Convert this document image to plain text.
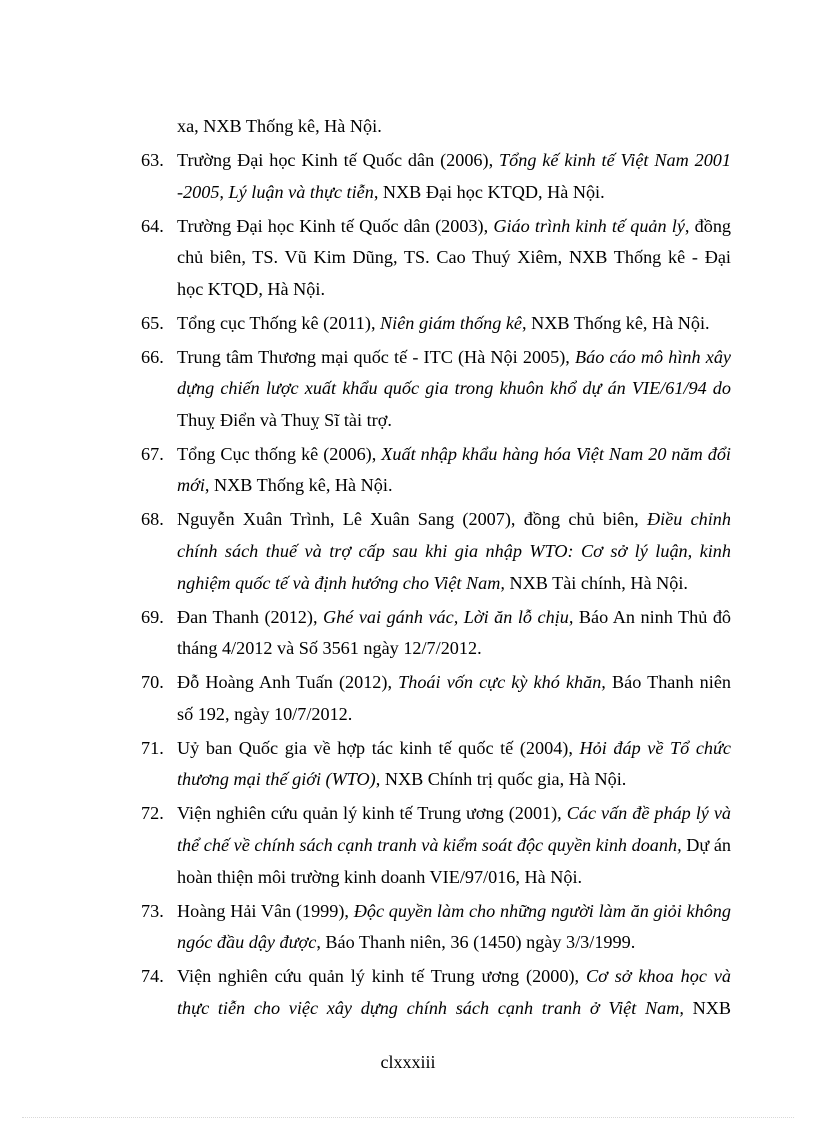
xa, NXB Thống kê, Hà Nội.
63. Trường Đại học Kinh tế Quốc dân (2006), Tổng kế kinh tế Việt Nam 2001 -2005, Lý luận và thực tiễn, NXB Đại học KTQD, Hà Nội.
64. Trường Đại học Kinh tế Quốc dân (2003), Giáo trình kinh tế quản lý, đồng chủ biên, TS. Vũ Kim Dũng, TS. Cao Thuý Xiêm, NXB Thống kê - Đại học KTQD, Hà Nội.
65. Tổng cục Thống kê (2011), Niên giám thống kê, NXB Thống kê, Hà Nội.
66. Trung tâm Thương mại quốc tế - ITC (Hà Nội 2005), Báo cáo mô hình xây dựng chiến lược xuất khẩu quốc gia trong khuôn khổ dự án VIE/61/94 do Thuỵ Điển và Thuỵ Sĩ tài trợ.
67. Tổng Cục thống kê (2006), Xuất nhập khẩu hàng hóa Việt Nam 20 năm đổi mới, NXB Thống kê, Hà Nội.
68. Nguyễn Xuân Trình, Lê Xuân Sang (2007), đồng chủ biên, Điều chỉnh chính sách thuế và trợ cấp sau khi gia nhập WTO: Cơ sở lý luận, kinh nghiệm quốc tế và định hướng cho Việt Nam, NXB Tài chính, Hà Nội.
69. Đan Thanh (2012), Ghé vai gánh vác, Lời ăn lỗ chịu, Báo An ninh Thủ đô tháng 4/2012 và Số 3561 ngày 12/7/2012.
70. Đỗ Hoàng Anh Tuấn (2012), Thoái vốn cực kỳ khó khăn, Báo Thanh niên số 192, ngày 10/7/2012.
71. Uỷ ban Quốc gia về hợp tác kinh tế quốc tế (2004), Hỏi đáp về Tổ chức thương mại thế giới (WTO), NXB Chính trị quốc gia, Hà Nội.
72. Viện nghiên cứu quản lý kinh tế Trung ương (2001), Các vấn đề pháp lý và thể chế về chính sách cạnh tranh và kiểm soát độc quyền kinh doanh, Dự án hoàn thiện môi trường kinh doanh VIE/97/016, Hà Nội.
73. Hoàng Hải Vân (1999), Độc quyền làm cho những người làm ăn giỏi không ngóc đầu dậy được, Báo Thanh niên, 36 (1450) ngày 3/3/1999.
74. Viện nghiên cứu quản lý kinh tế Trung ương (2000), Cơ sở khoa học và thực tiễn cho việc xây dựng chính sách cạnh tranh ở Việt Nam, NXB
clxxxiii
